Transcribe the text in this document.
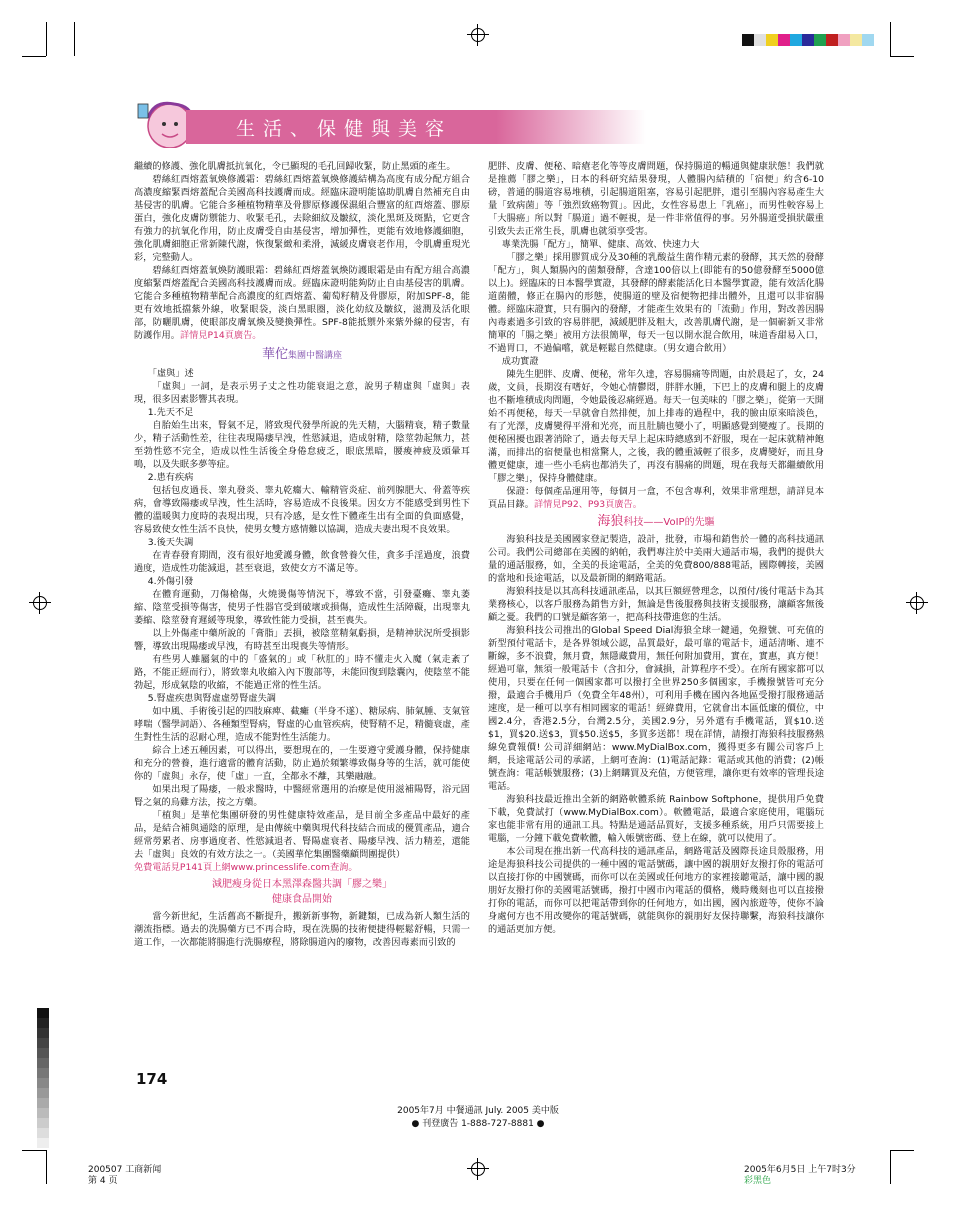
生活、保健與美容

繼續的修護、強化肌膚抵抗氧化，令已顯現的毛孔回歸收緊，防止黑頭的產生。

碧絲紅酉熔蓋氧煥修護霜：碧絲紅酉熔蓋氧煥修護結構為高度有成分配方組合高濃度縮緊酉熔蓋配合美國高科技護膚而成。經臨床證明能協助肌膚自然補充自由基侵害的肌膚。它能合多種植物精華及骨膠原修護保濕組合豐富的紅酉熔蓋、膠原蛋白，強化皮膚防禦能力、收緊毛孔，去除細紋及皺紋，淡化黑斑及斑點，它更含有強力的抗氧化作用，防止皮膚受自由基侵害，增加彈性，更能有效地修護細胞，強化肌膚細胞正常新陳代謝，恢復緊緻和柔滑，減緩皮膚衰老作用，令肌膚重現光彩，完整動人。

碧絲紅酉熔蓋氧煥防護眼霜：碧絲紅酉熔蓋氧煥防護眼霜是由有配方組合高濃度縮緊酉熔蓋配合美國高科技護膚而成。經臨床證明能夠防止自由基侵害的肌膚。它能合多種植物精華配合高濃度的紅酉熔蓋、葡萄籽精及骨膠原，附加SPF-8，能更有效地抵擋紫外線，收緊眼袋，淡白黑眼圈，淡化幼紋及皺紋，滋潤及活化眼部，防曬肌膚，使眼部皮膚氧煥及變換彈性。SPF-8能抵禦外來紫外線的侵害，有防護作用。詳情見P14頁廣告。

華佗集團中醫講座

「虛與」述

「虛與」一詞，是表示男子丈之性功能衰退之意，說男子精虛與「虛與」表現，很多因素影響其表現。

1.先天不足

自胎始生出來，腎氣不足，將致現代發學所說的先天精，大腦精衰，精子數量少，精子活動性差，往往表現陽痿早洩，性慾減退，造成射精，陰莖勃起無力，甚至勃性慾不完全，造成以性生活後全身倦怠疲乏，眼底黑暗，腰痠神疲及頭暈耳鳴，以及失眠多夢等症。

2.患有疾病

包括包皮過長、睾丸發炎、睾丸乾癟大、輸精管炎症、前列腺肥大、骨蓋等疾病，會導致陽痿或早洩，性生活時，容易造成不良後果。因女方不能感受到男性下體的溫暖與力度時的表現出現，只有冷感，是女性下體產生出有全面的負面感覺，容易致使女性生活不良快，使男女雙方感情難以協調，造成夫妻出現不良效果。

3.後天失調

在青春發育期間，沒有很好地愛護身體，飲食營養欠佳，貪多手淫過度，浪費過度，造成性功能減退，甚至衰退，致使女方不滿足等。

4.外傷引發

在體育運動，刀傷槍傷，火燒燙傷等情況下，導致不當，引發臺癱、睾丸萎縮、陰莖受損等傷害，使男子性器官受到破壞或損傷，造成性生活障礙，出現睾丸萎縮、陰莖發育遲緩等現象，導致性能力受損，甚至喪失。

以上外傷產中藥所說的「膏脂」丟損，被陰莖精氣虧損，是精神狀況所受損影響，導致出現陽痿或早洩，有時甚至出現喪失等情形。

有些男人雖屬氣的中的「盛氣的」或「秋肛的」時不懂走火入魔（氣走紊了路，不能正經而行），將致睾丸收縮入內下腹部等，未能回復到陰囊內，使陰莖不能勃起，形成氣陰的收縮，不能過正常的性生活。

5.腎虛疾患與腎虛虛勞腎虛失調

如中風、手術後引起的四肢麻痺、截癱（半身不遂）、糖尿病、肺氣腫、支氣管哮喘（醫學詞語）、各種類型腎病，腎虛的心血管疾病，使腎精不足，精髓衰虛，產生對性生活的忍耐心理，造成不能對性生活能力。

綜合上述五種因素，可以得出，要想現在的，一生要遵守愛護身體，保持健康和充分的營養，進行適當的體育活動，防止過於頻繁導致傷身等的生活，就可能使你的「虛與」永存，使「虛」一直，全都永不離，其樂融融。

如果出現了陽痿，一般求醫時，中醫經常選用的治療是使用滋補陽腎，浴元固腎之氣的烏雞方法，按之方藥。

「植與」是華佗集團研發的男性健康特效產品，是目前全多產品中最好的產品，是結合補與通陰的原理，是由傳統中藥與現代科技結合而成的優質產品，適合經常勞累者、房事過度者、性慾減退者、腎陽虛衰者、陽痿早洩、活力精差，還能去「虛與」良效的有效方法之一。（美國華佗集團醫藥顧問團提供）

免費電話見P141頁上網www.princesslife.com查詢。

減肥瘦身從日本黑澤森醫共調「膠之樂」
健康食品開始

當今新世紀，生活舊高不斷提升，搬新新事物，新鍵類，已成為新人類生活的潮流指標。過去的洗腸藥方已不再合時，現在洗腸的技術便捷得輕鬆舒暢，只需一道工作，一次都能將腸進行洗腸療程，將除腸道內的廢物，改善因毒素而引致的

肥胖、皮膚、便秘、暗瘡老化等等皮膚問題，保持腸道的暢通與健康狀態！我們就是推薦「膠之樂」，日本的科研究結果發現，人體腸內結積的「宿便」約含6-10磅，普通的腸道容易堆積，引起腸道阻塞，容易引起肥胖，還引至腸內容易產生大量「致病菌」等「強烈致癌物質」。因此，女性容易患上「乳癌」，而男性較容易上「大腸癌」所以對「腸道」過不輕視，是一件非常值得的事。另外腸道受損狀嚴重引致失去正常生長，肌膚也就須享受害。

專業洗腸「配方」，簡單、健康、高效、快速力大

「膠之樂」採用膠質成分及30種的乳酸益生菌作精元素的發酵，其天然的發酵「配方」，與人類腸內的菌類發酵，含達100倍以上(即能有的50億發酵至5000億以上)。經臨床的日本醫學實證，其發酵的酵素能活化日本醫學實證，能有效活化腸道菌體，修正在腸內的形態，使腸道的壁及宿便物把排出體外，且還可以非宿腸體。經臨床證實，只有腸內的發酵，才能產生效果有的「流動」作用，對改善因腸內毒素過多引致的容易胖肥，減緩肥胖及粗大，改善肌膚代謝，是一個嶄新又非常簡單的「腸之樂」被用方法很簡單，每天一包以開水混合飲用，味道香甜易入口，不過胃口，不過偏嚐，就是輕鬆自然健康。（男女適合飲用）

成功實證

陳先生肥胖、皮膚、便秘，常年久達，容易腸痛等問題，由於晨起了，女，24歲，文員，長期沒有嗜好，令她心情鬱悶，胖胖水腫，下巴上的皮膚和腿上的皮膚也不斷堆積成肉問題，令她最後忍痛經過。每天一包美味的「膠之樂」，從第一天開始不再便秘，每天一早就會自然排便，加上排毒的過程中，我的臉由原來暗淡色，有了光澤，皮膚變得平滑和光亮，而且肚腩也變小了，明顯感覺到變瘦了。長期的便秘困擾也跟著消除了，過去每天早上起床時總感到不舒服，現在一起床就精神飽滿，而排出的宿便量也相當驚人，之後，我的體重減輕了很多，皮膚變好，而且身體更健康，連一些小毛病也都消失了，再沒有腸痛的問題，現在我每天都繼續飲用「膠之樂」，保持身體健康。

保證：每個產品運用等，每個月一盒，不包含專利，效果非常理想，請詳見本頁品目錄。詳情見P92、P93頁廣告。

海狼科技——VoIP的先驅

海狼科技是美國國家登記製造，設計，批發，市場和銷售於一體的高科技通訊公司。我們公司總部在美國的納帕，我們專注於中美兩大通話市場，我們的提供大量的通話服務，如，全美的長途電話，全美的免費800/888電話，國際轉接，美國的當地和長途電話，以及最新開的網路電話。

海狼科技是以其高科技通訊產品，以其巨額經營理念，以預付/後付電話卡為其業務核心，以客戶服務為銷售方針，無論是售後服務與技術支援服務，讓顧客無後顧之憂。我們的口號是顧客第一，把高科技帶進您的生活。

海狼科技公司推出的Global Speed Dial海狼全球一鍵通，免撥號、可充值的新型預付電話卡，是各界領域公認，品質最好，最可靠的電話卡，通話清晰、連不斷線，多不浪費，無月費，無隱藏費用，無任何附加費用，實在，實惠，真方便！經過可靠，無須一般電話卡（含扣分，會減損，計算程序不受）。在所有國家都可以使用，只要在任何一個國家都可以撥打全世界250多個國家，手機撥號皆可充分撥，最適合手機用戶（免費全年48州），可利用手機在國內各地區受撥打服務通話速度，是一種可以享有相同國家的電話！經緯費用，它就會出本區低廉的價位，中國2.4分，香港2.5分，台灣2.5分，美國2.9分，另外還有手機電話，買$10.送$1，買$20.送$3，買$50.送$5，多買多送都！現在詳情，請撥打海狼科技服務熱線免費報價! 公司詳細網站：www.MyDialBox.com，獲得更多有關公司客戶上網，長途電話公司的承諾，上網可查詢：(1)電話記錄：電話或其他的消費；(2)帳號查詢：電話帳號服務；(3)上網購買及充值，方便管理，讓你更有效率的管理長途電話。

海狼科技最近推出全新的網路軟體系統 Rainbow Softphone，提供用戶免費下載，免費試打（www.MyDialBox.com）。軟體電話，最適合家庭使用，電腦玩家也能非常有用的通訊工具。特點是通話品質好，支援多種系統，用戶只需要接上電腦，一分鐘下載免費軟體，輸入帳號密碼、登上在線，就可以使用了。

本公司現在推出新一代高科技的通訊產品，網路電話及國際長途貝殼服務，用途是海狼科技公司提供的一種中國的電話號碼，讓中國的親朋好友撥打你的電話可以直接打你的中國號碼，而你可以在美國或任何地方的家裡接聽電話，讓中國的親朋好友撥打你的美國電話號碼，撥打中國市內電話的價格，幾時幾刻也可以直接撥打你的電話，而你可以把電話帶到你的任何地方，如出國，國內旅遊等，使你不論身處何方也不用改變你的電話號碼，就能與你的親朋好友保持聯繫，海狼科技讓你的通話更加方便。

174
2005年7月 中餐通訊 July. 2005 美中版
● 刊登廣告 1-888-727-8881 ●
200507 工商新闻
第 4 页
2005年6月5日 上午7时3分
彩黑色
